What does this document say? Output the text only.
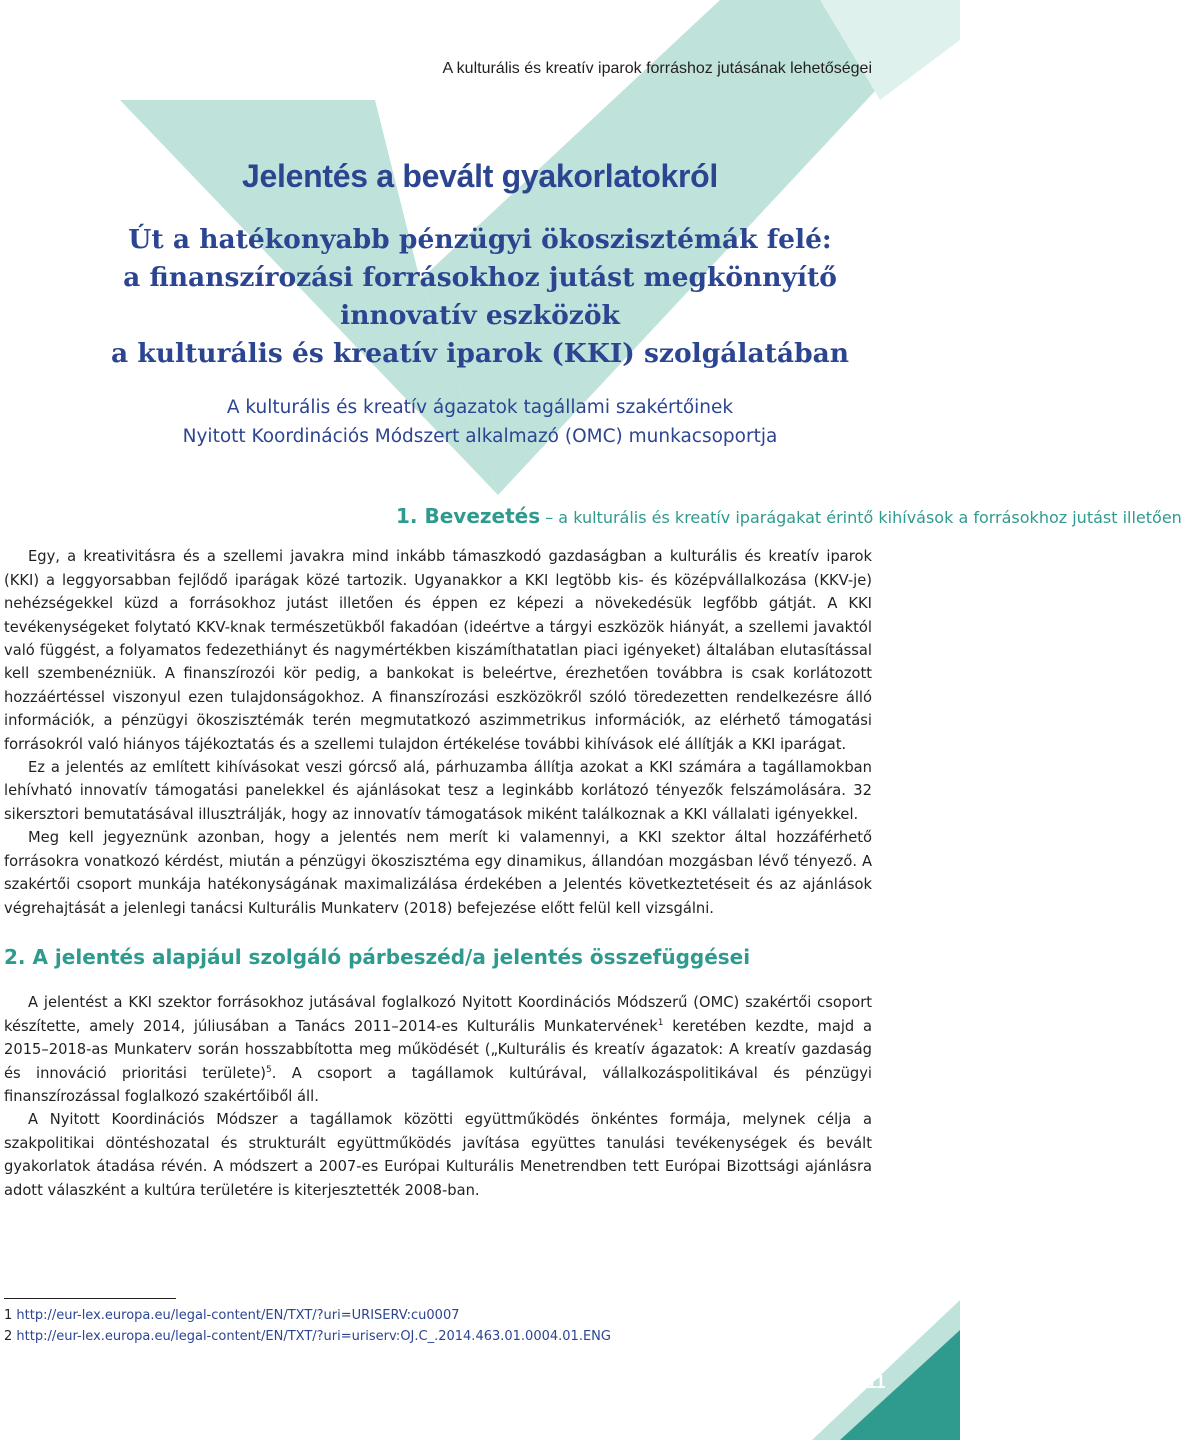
A kulturális és kreatív iparok forráshoz jutásának lehetőségei
Jelentés a bevált gyakorlatokról
Út a hatékonyabb pénzügyi ökoszisztémák felé:
a finanszírozási forrásokhoz jutást megkönnyítő
innovatív eszközök
a kulturális és kreatív iparok (KKI) szolgálatában
A kulturális és kreatív ágazatok tagállami szakértőinek
Nyitott Koordinációs Módszert alkalmazó (OMC) munkacsoportja
1. Bevezetés – a kulturális és kreatív iparágakat érintő kihívások a forrásokhoz jutást illetően

Egy, a kreativitásra és a szellemi javakra mind inkább támaszkodó gazdaságban a kulturális és kreatív iparok (KKI) a leggyorsabban fejlődő iparágak közé tartozik. Ugyanakkor a KKI legtöbb kis- és középvállalkozása (KKV-je) nehézségekkel küzd a forrásokhoz jutást illetően és éppen ez képezi a növekedésük legfőbb gátját. A KKI tevékenységeket folytató KKV-knak természetükből fakadóan (ideértve a tárgyi eszközök hiányát, a szellemi javaktól való függést, a folyamatos fedezethiányt és nagymértékben kiszámíthatatlan piaci igényeket) általában elutasítással kell szembenézniük. A finanszírozói kör pedig, a bankokat is beleértve, érezhetően továbbra is csak korlátozott hozzáértéssel viszonyul ezen tulajdonságokhoz. A finanszírozási eszközökről szóló töredezetten rendelkezésre álló információk, a pénzügyi ökoszisztémák terén megmutatkozó aszimmetrikus információk, az elérhető támogatási forrásokról való hiányos tájékoztatás és a szellemi tulajdon értékelése további kihívások elé állítják a KKI iparágat.

Ez a jelentés az említett kihívásokat veszi górcső alá, párhuzamba állítja azokat a KKI számára a tagállamokban lehívható innovatív támogatási panelekkel és ajánlásokat tesz a leginkább korlátozó tényezők felszámolására. 32 sikersztori bemutatásával illusztrálják, hogy az innovatív támogatások miként találkoznak a KKI vállalati igényekkel.

Meg kell jegyeznünk azonban, hogy a jelentés nem merít ki valamennyi, a KKI szektor által hozzáférhető forrásokra vonatkozó kérdést, miután a pénzügyi ökoszisztéma egy dinamikus, állandóan mozgásban lévő tényező. A szakértői csoport munkája hatékonyságának maximalizálása érdekében a Jelentés következtetéseit és az ajánlások végrehajtását a jelenlegi tanácsi Kulturális Munkaterv (2018) befejezése előtt felül kell vizsgálni.

2. A jelentés alapjául szolgáló párbeszéd/a jelentés összefüggései

A jelentést a KKI szektor forrásokhoz jutásával foglalkozó Nyitott Koordinációs Módszerű (OMC) szakértői csoport készítette, amely 2014, júliusában a Tanács 2011–2014-es Kulturális Munkatervének$^1$ keretében kezdte, majd a 2015–2018-as Munkaterv során hosszabbította meg működését („Kulturális és kreatív ágazatok: A kreatív gazdaság és innováció prioritási területe)$^5$. A csoport a tagállamok kultúrával, vállalkozáspolitikával és pénzügyi finanszírozással foglalkozó szakértőiből áll.

A Nyitott Koordinációs Módszer a tagállamok közötti együttműködés önkéntes formája, melynek célja a szakpolitikai döntéshozatal és strukturált együttműködés javítása együttes tanulási tevékenységek és bevált gyakorlatok átadása révén. A módszert a 2007-es Európai Kulturális Menetrendben tett Európai Bizottsági ajánlásra adott válaszként a kultúra területére is kiterjesztették 2008-ban.

1 http://eur-lex.europa.eu/legal-content/EN/TXT/?uri=URISERV:cu0007
2 http://eur-lex.europa.eu/legal-content/EN/TXT/?uri=uriserv:OJ.C_.2014.463.01.0004.01.ENG
11
